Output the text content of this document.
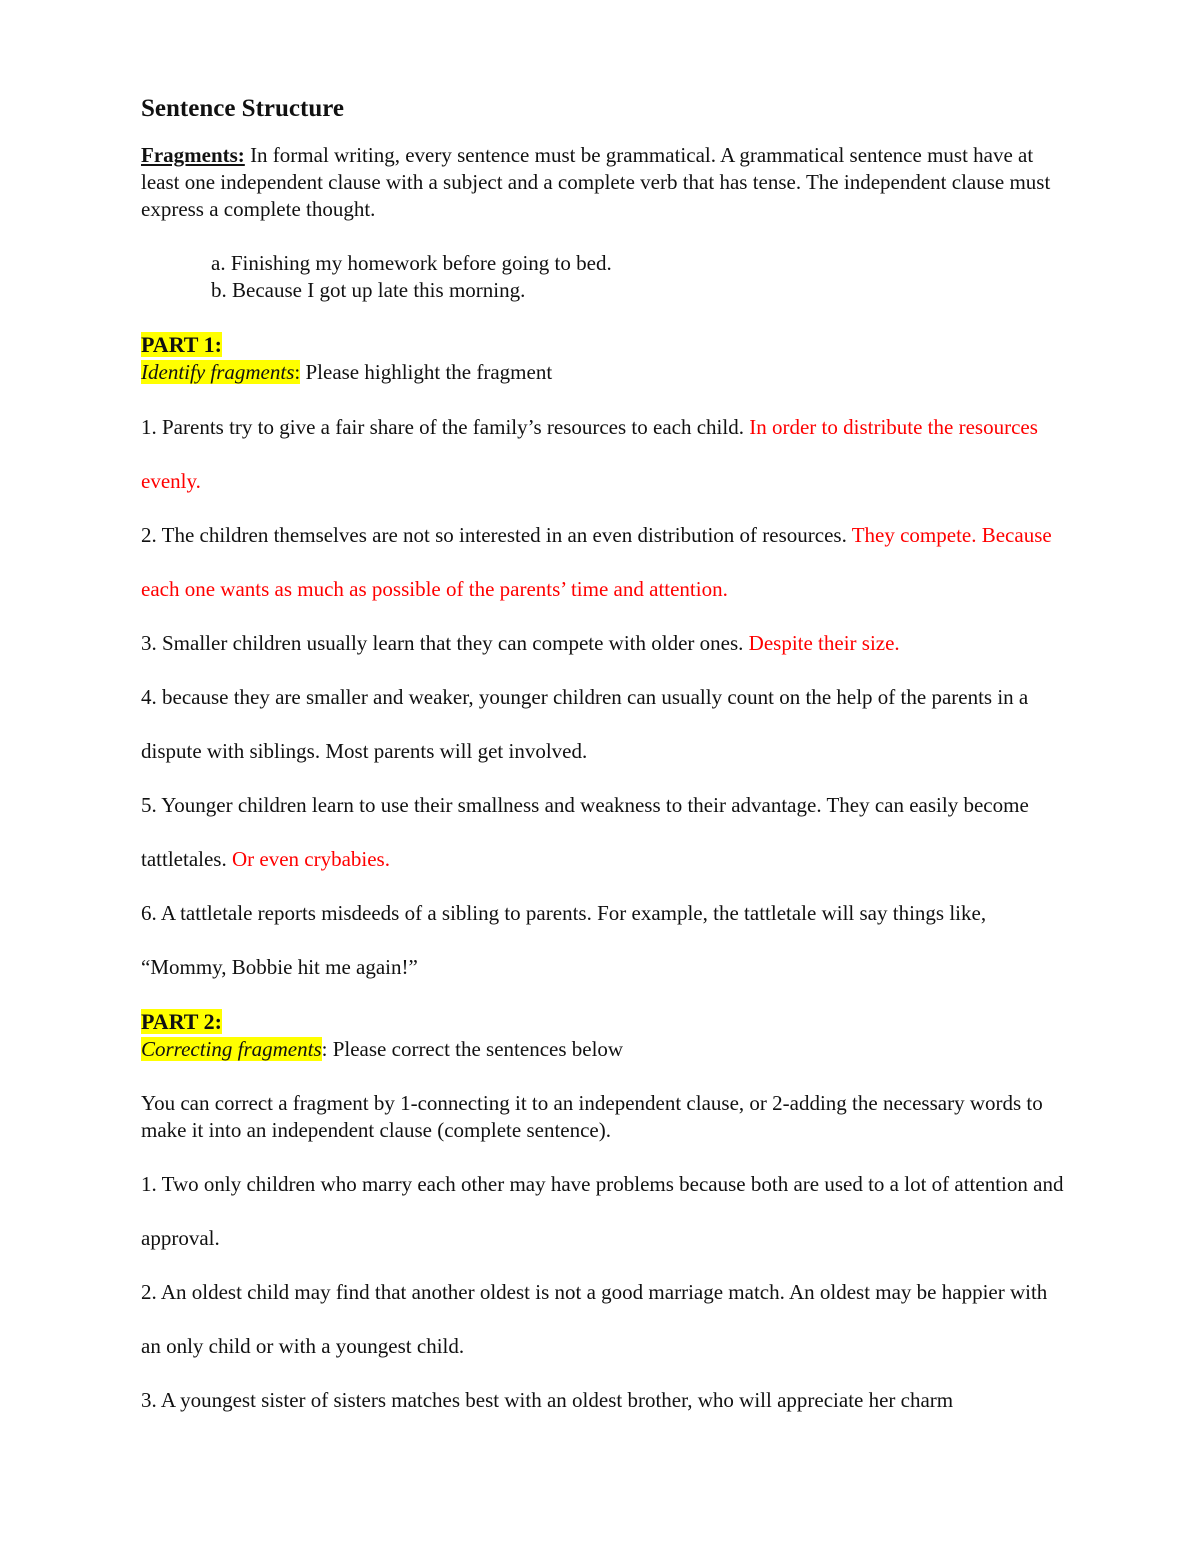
Sentence Structure

Fragments: In formal writing, every sentence must be grammatical. A grammatical sentence must have at least one independent clause with a subject and a complete verb that has tense. The independent clause must express a complete thought.

a. Finishing my homework before going to bed.
b. Because I got up late this morning.

PART 1:

Identify fragments: Please highlight the fragment

1. Parents try to give a fair share of the family’s resources to each child. In order to distribute the resources evenly.

2. The children themselves are not so interested in an even distribution of resources. They compete. Because each one wants as much as possible of the parents’ time and attention.

3. Smaller children usually learn that they can compete with older ones. Despite their size.

4. because they are smaller and weaker, younger children can usually count on the help of the parents in a dispute with siblings. Most parents will get involved.

5. Younger children learn to use their smallness and weakness to their advantage. They can easily become tattletales. Or even crybabies.

6. A tattletale reports misdeeds of a sibling to parents. For example, the tattletale will say things like, “Mommy, Bobbie hit me again!”

PART 2:

Correcting fragments: Please correct the sentences below

You can correct a fragment by 1-connecting it to an independent clause, or 2-adding the necessary words to make it into an independent clause (complete sentence).

1. Two only children who marry each other may have problems because both are used to a lot of attention and approval.

2. An oldest child may find that another oldest is not a good marriage match. An oldest may be happier with an only child or with a youngest child.

3. A youngest sister of sisters matches best with an oldest brother, who will appreciate her charm
